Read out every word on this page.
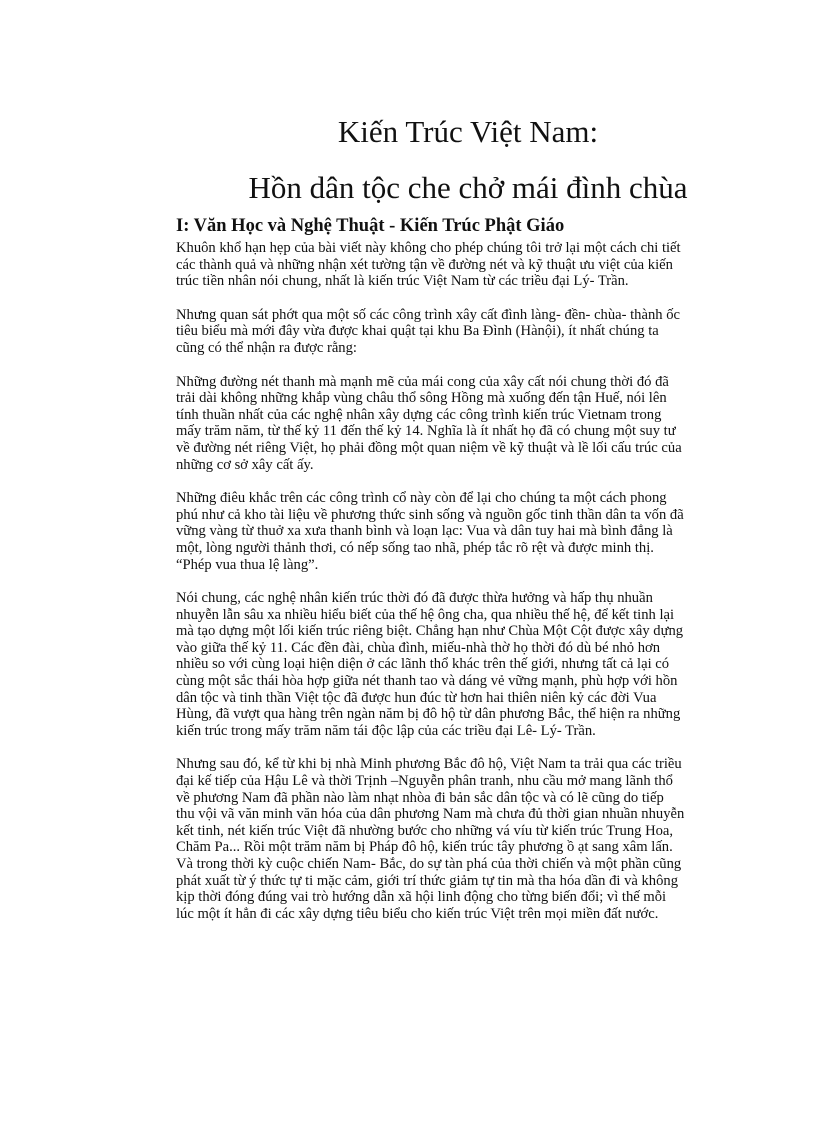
Kiến Trúc Việt Nam:
Hồn dân tộc che chở mái đình chùa
I: Văn Học và Nghệ Thuật - Kiến Trúc Phật Giáo

Khuôn khổ hạn hẹp của bài viết này không cho phép chúng tôi trở lại một cách chi tiết
các thành quả và những nhận xét tường tận về đường nét và kỹ thuật ưu việt của kiến
trúc tiền nhân nói chung, nhất là kiến trúc Việt Nam từ các triều đại Lý- Trần.

Nhưng quan sát phớt qua một số các công trình xây cất đình làng- đền- chùa- thành ốc
tiêu biểu mà mới đây vừa được khai quật tại khu Ba Đình (Hànội), ít nhất chúng ta
cũng có thể nhận ra được rằng:

Những đường nét thanh mà mạnh mẽ của mái cong của xây cất nói chung thời đó đã
trải dài không những khắp vùng châu thổ sông Hồng mà xuống đến tận Huế, nói lên
tính thuần nhất của các nghệ nhân xây dựng các công trình kiến trúc Vietnam trong
mấy trăm năm, từ thế kỷ 11 đến thế kỷ 14. Nghĩa là ít nhất họ đã có chung một suy tư
về đường nét riêng Việt, họ phải đồng một quan niệm về kỹ thuật và lề lối cấu trúc của
những cơ sở xây cất ấy.

Những điêu khắc trên các công trình cổ này còn để lại cho chúng ta một cách phong
phú như cả kho tài liệu về phương thức sinh sống và nguồn gốc tinh thần dân ta vốn đã
vững vàng từ thuở xa xưa thanh bình và loạn lạc: Vua và dân tuy hai mà bình đẳng là
một, lòng người thảnh thơi, có nếp sống tao nhã, phép tắc rõ rệt và được minh thị.
“Phép vua thua lệ làng”.

Nói chung, các nghệ nhân kiến trúc thời đó đã được thừa hưởng và hấp thụ nhuần
nhuyễn lẫn sâu xa nhiều hiểu biết của thế hệ ông cha, qua nhiều thế hệ, để kết tinh lại
mà tạo dựng một lối kiến trúc riêng biệt. Chẳng hạn như Chùa Một Cột được xây dựng
vào giữa thế kỷ 11. Các đền đài, chùa đình, miếu-nhà thờ họ thời đó dù bé nhỏ hơn
nhiều so với cùng loại hiện diện ở các lãnh thổ khác trên thế giới, nhưng tất cả lại có
cùng một sắc thái hòa hợp giữa nét thanh tao và dáng vẻ vững mạnh, phù hợp với hồn
dân tộc và tinh thần Việt tộc đã được hun đúc từ hơn hai thiên niên kỷ các đời Vua
Hùng, đã vượt qua hàng trên ngàn năm bị đô hộ từ dân phương Bắc, thể hiện ra những
kiến trúc trong mấy trăm năm tái độc lập của các triều đại Lê- Lý- Trần.

Nhưng sau đó, kể từ khi bị nhà Minh phương Bắc đô hộ, Việt Nam ta trải qua các triều
đại kế tiếp của Hậu Lê và thời Trịnh –Nguyễn phân tranh, nhu cầu mở mang lãnh thổ
về phương Nam đã phần nào làm nhạt nhòa đi bản sắc dân tộc và có lẽ cũng do tiếp
thu vội vã văn minh văn hóa của dân phương Nam mà chưa đủ thời gian nhuần nhuyễn
kết tinh, nét kiến trúc Việt đã nhường bước cho những vá víu từ kiến trúc Trung Hoa,
Chăm Pa... Rồi một trăm năm bị Pháp đô hộ, kiến trúc tây phương ồ ạt sang xâm lấn.
Và trong thời kỳ cuộc chiến Nam- Bắc, do sự tàn phá của thời chiến và một phần cũng
phát xuất từ ý thức tự ti mặc cảm, giới trí thức giảm tự tin mà tha hóa dần đi và không
kịp thời đóng đúng vai trò hướng dẫn xã hội linh động cho từng biến đổi; vì thế mỗi
lúc một ít hẳn đi các xây dựng tiêu biểu cho kiến trúc Việt trên mọi miền đất nước.
